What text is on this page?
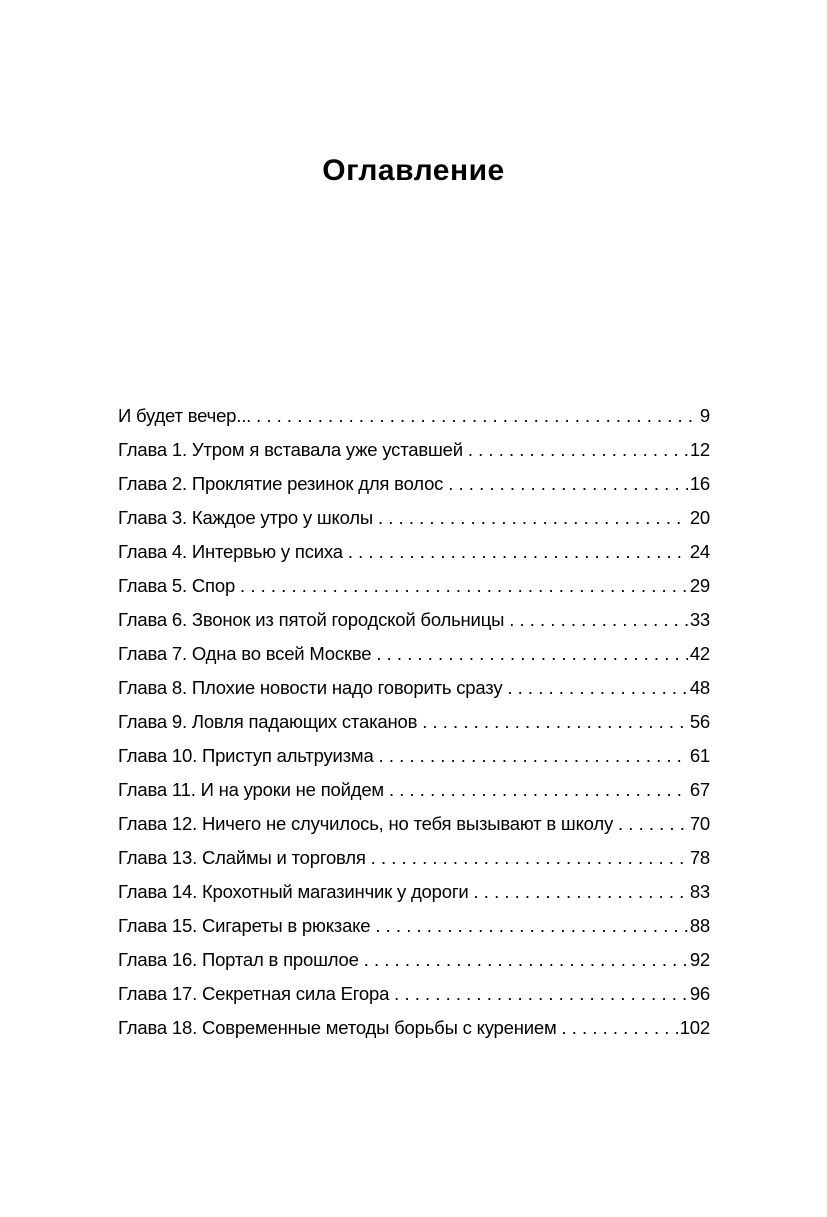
Оглавление
И будет вечер... . . .	9
Глава 1. Утром я вставала уже уставшей . . .	12
Глава 2. Проклятие резинок для волос . . .	16
Глава 3. Каждое утро у школы . . .	20
Глава 4. Интервью у психа . . .	24
Глава 5. Спор . . .	29
Глава 6. Звонок из пятой городской больницы . . .	33
Глава 7. Одна во всей Москве . . .	42
Глава 8. Плохие новости надо говорить сразу . . .	48
Глава 9. Ловля падающих стаканов . . .	56
Глава 10. Приступ альтруизма . . .	61
Глава 11. И на уроки не пойдем . . .	67
Глава 12. Ничего не случилось, но тебя вызывают в школу . . .	70
Глава 13. Слаймы и торговля . . .	78
Глава 14. Крохотный магазинчик у дороги . . .	83
Глава 15. Сигареты в рюкзаке . . .	88
Глава 16. Портал в прошлое . . .	92
Глава 17. Секретная сила Егора . . .	96
Глава 18. Современные методы борьбы с курением . . .	102
